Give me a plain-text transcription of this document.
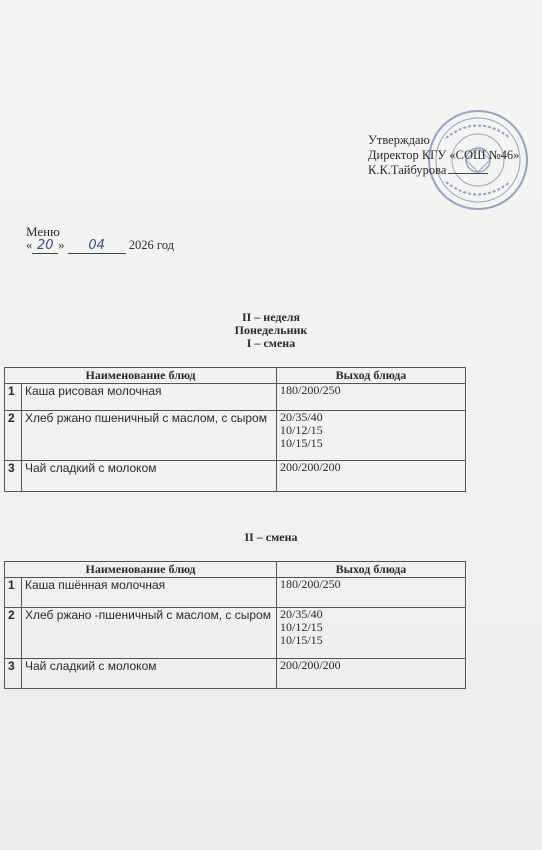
Утверждаю
Директор КГУ «СОШ №46»
К.К.Тайбурова
Меню
« 20 » 04 2026 год
II – неделя
Понедельник
I – смена
Наименование блюд		Выход блюда
1	Каша рисовая молочная	180/200/250

2	Хлеб ржано пшеничный с маслом, с сыром	20/35/40
10/12/15
10/15/15

3	Чай сладкий с молоком	200/200/200
II – смена
Наименование блюд		Выход блюда
1	Каша пшённая молочная	180/200/250

2	Хлеб ржано -пшеничный с маслом, с сыром	20/35/40
10/12/15
10/15/15

3	Чай сладкий с молоком	200/200/200
